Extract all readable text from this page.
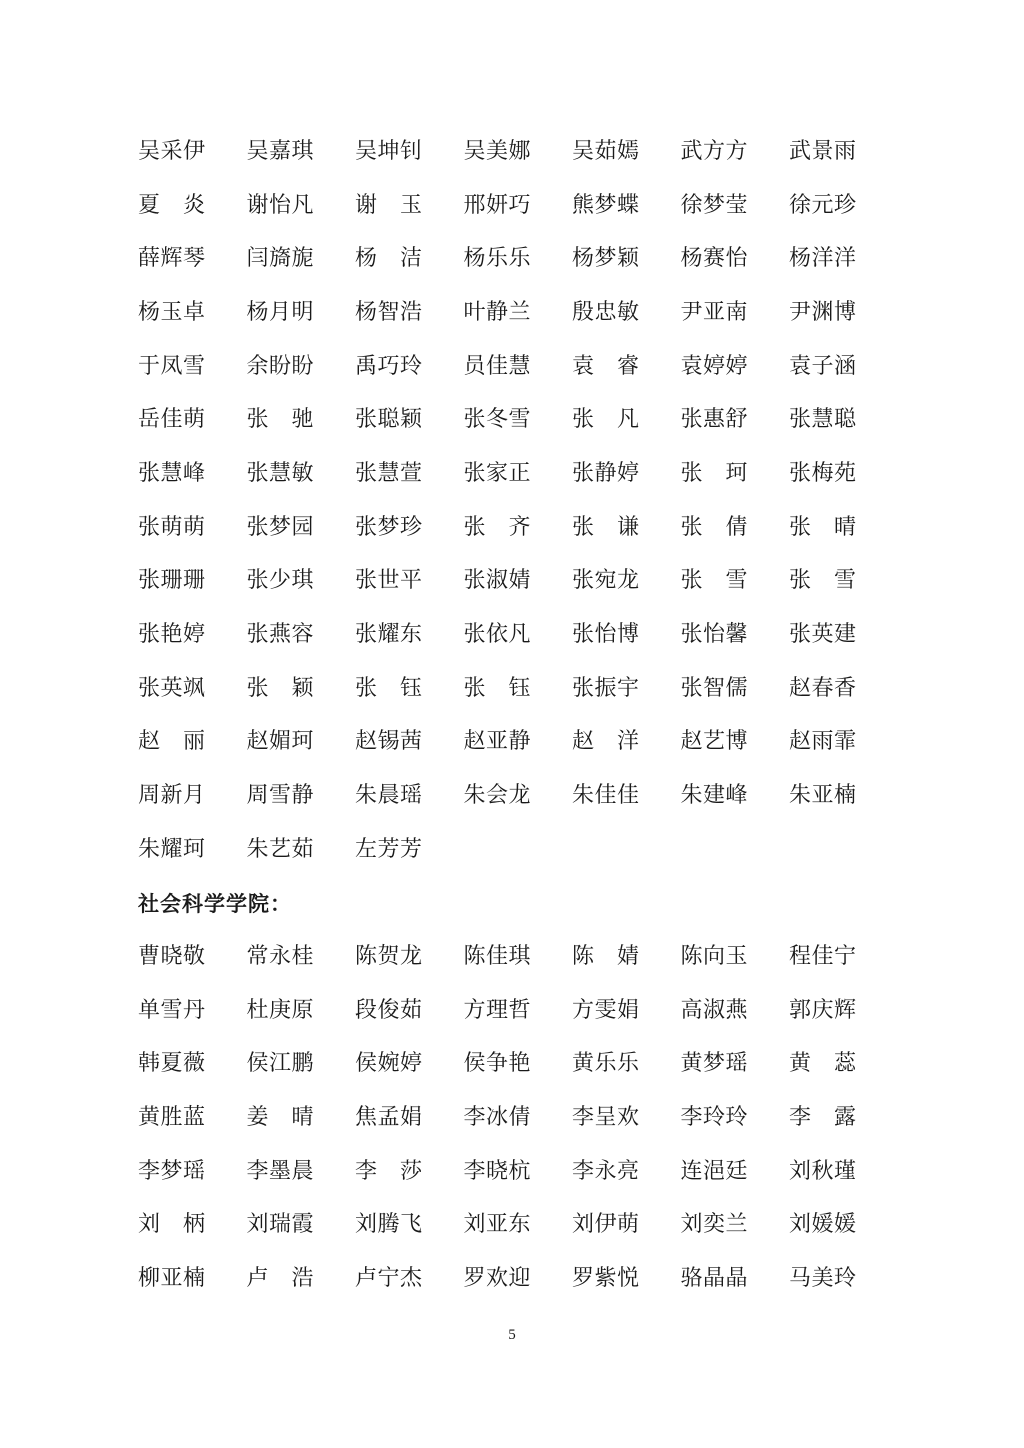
吴采伊	吴嘉琪	吴坤钊	吴美娜	吴茹嫣	武方方	武景雨
夏　炎	谢怡凡	谢　玉	邢妍巧	熊梦蝶	徐梦莹	徐元珍
薛辉琴	闫旖旎	杨　洁	杨乐乐	杨梦颖	杨赛怡	杨洋洋
杨玉卓	杨月明	杨智浩	叶静兰	殷忠敏	尹亚南	尹渊博
于凤雪	余盼盼	禹巧玲	员佳慧	袁　睿	袁婷婷	袁子涵
岳佳萌	张　驰	张聪颖	张冬雪	张　凡	张惠舒	张慧聪
张慧峰	张慧敏	张慧萱	张家正	张静婷	张　珂	张梅苑
张萌萌	张梦园	张梦珍	张　齐	张　谦	张　倩	张　晴
张珊珊	张少琪	张世平	张淑婧	张宛龙	张　雪	张　雪
张艳婷	张燕容	张耀东	张依凡	张怡博	张怡馨	张英建
张英飒	张　颖	张　钰	张　钰	张振宇	张智儒	赵春香
赵　丽	赵媚珂	赵锡茜	赵亚静	赵　洋	赵艺博	赵雨霏
周新月	周雪静	朱晨瑶	朱会龙	朱佳佳	朱建峰	朱亚楠
朱耀珂	朱艺茹	左芳芳
社会科学学院：
曹晓敬	常永桂	陈贺龙	陈佳琪	陈　婧	陈向玉	程佳宁
单雪丹	杜庚原	段俊茹	方理哲	方雯娟	高淑燕	郭庆辉
韩夏薇	侯江鹏	侯婉婷	侯争艳	黄乐乐	黄梦瑶	黄　蕊
黄胜蓝	姜　晴	焦孟娟	李冰倩	李呈欢	李玲玲	李　露
李梦瑶	李墨晨	李　莎	李晓杭	李永亮	连浥廷	刘秋瑾
刘　柄	刘瑞霞	刘腾飞	刘亚东	刘伊萌	刘奕兰	刘媛媛
柳亚楠	卢　浩	卢宁杰	罗欢迎	罗紫悦	骆晶晶	马美玲
5
